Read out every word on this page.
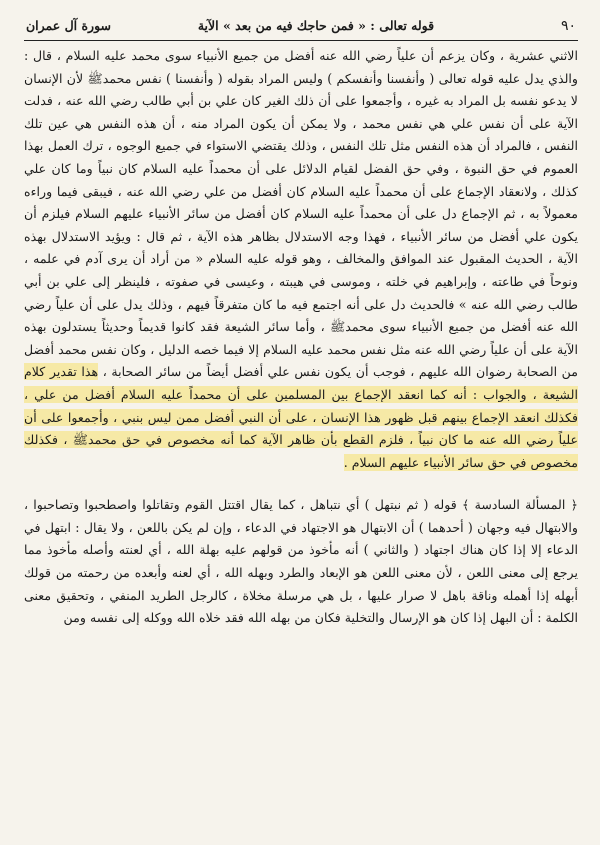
٩٠
قوله تعالى : « فمن حاجك فيه من بعد » الآية
سورة آل عمران

الاثني عشرية ، وكان يزعم أن علياً رضي الله عنه أفضل من جميع الأنبياء سوى محمد عليه السلام ، قال : والذي يدل عليه قوله تعالى ( وأنفسنا وأنفسكم ) وليس المراد بقوله ( وأنفسنا ) نفس محمدﷺ لأن الإنسان لا يدعو نفسه بل المراد به غيره ، وأجمعوا على أن ذلك الغير كان علي بن أبي طالب رضي الله عنه ، فدلت الآية على أن نفس علي هي نفس محمد ، ولا يمكن أن يكون المراد منه ، أن هذه النفس هي عين تلك النفس ، فالمراد أن هذه النفس مثل تلك النفس ، وذلك يقتضي الاستواء في جميع الوجوه ، ترك العمل بهذا العموم في حق النبوة ، وفي حق الفضل لقيام الدلائل على أن محمداً عليه السلام كان نبياً وما كان علي كذلك ، ولانعقاد الإجماع على أن محمداً عليه السلام كان أفضل من علي رضي الله عنه ، فيبقى فيما وراءه معمولاً به ، ثم الإجماع دل على أن محمداً عليه السلام كان أفضل من سائر الأنبياء عليهم السلام فيلزم أن يكون علي أفضل من سائر الأنبياء ، فهذا وجه الاستدلال بظاهر هذه الآية ، ثم قال : ويؤيد الاستدلال بهذه الآية ، الحديث المقبول عند الموافق والمخالف ، وهو قوله عليه السلام « من أراد أن يرى آدم في علمه ، ونوحاً في طاعته ، وإبراهيم في خلته ، وموسى في هيبته ، وعيسى في صفوته ، فلينظر إلى علي بن أبي طالب رضي الله عنه » فالحديث دل على أنه اجتمع فيه ما كان متفرقاً فيهم ، وذلك يدل على أن علياً رضي الله عنه أفضل من جميع الأنبياء سوى محمدﷺ ، وأما سائر الشيعة فقد كانوا قديماً وحديثاً يستدلون بهذه الآية على أن علياً رضي الله عنه مثل نفس محمد عليه السلام إلا فيما خصه الدليل ، وكان نفس محمد أفضل من الصحابة رضوان الله عليهم ، فوجب أن يكون نفس علي أفضل أيضاً من سائر الصحابة ، هذا تقدير كلام الشيعة ، والجواب : أنه كما انعقد الإجماع بين المسلمين على أن محمداً عليه السلام أفضل من علي ، فكذلك انعقد الإجماع بينهم قبل ظهور هذا الإنسان ، على أن النبي أفضل ممن ليس بنبي ، وأجمعوا على أن علياً رضي الله عنه ما كان نبياً ، فلزم القطع بأن ظاهر الآية كما أنه مخصوص في حق محمدﷺ ، فكذلك مخصوص في حق سائر الأنبياء عليهم السلام .

﴿ المسألة السادسة ﴾ قوله ( ثم نبتهل ) أي نتباهل ، كما يقال اقتتل القوم وتقاتلوا واصطحبوا وتصاحبوا ، والابتهال فيه وجهان ( أحدهما ) أن الابتهال هو الاجتهاد في الدعاء ، وإن لم يكن باللعن ، ولا يقال : ابتهل في الدعاء إلا إذا كان هناك اجتهاد ( والثاني ) أنه مأخوذ من قولهم عليه بهلة الله ، أي لعنته وأصله مأخوذ مما يرجع إلى معنى اللعن ، لأن معنى اللعن هو الإبعاد والطرد وبهله الله ، أي لعنه وأبعده من رحمته من قولك أبهله إذا أهمله وناقة باهل لا صرار عليها ، بل هي مرسلة مخلاة ، كالرجل الطريد المنفي ، وتحقيق معنى الكلمة : أن البهل إذا كان هو الإرسال والتخلية فكان من بهله الله فقد خلاه الله ووكله إلى نفسه ومن
